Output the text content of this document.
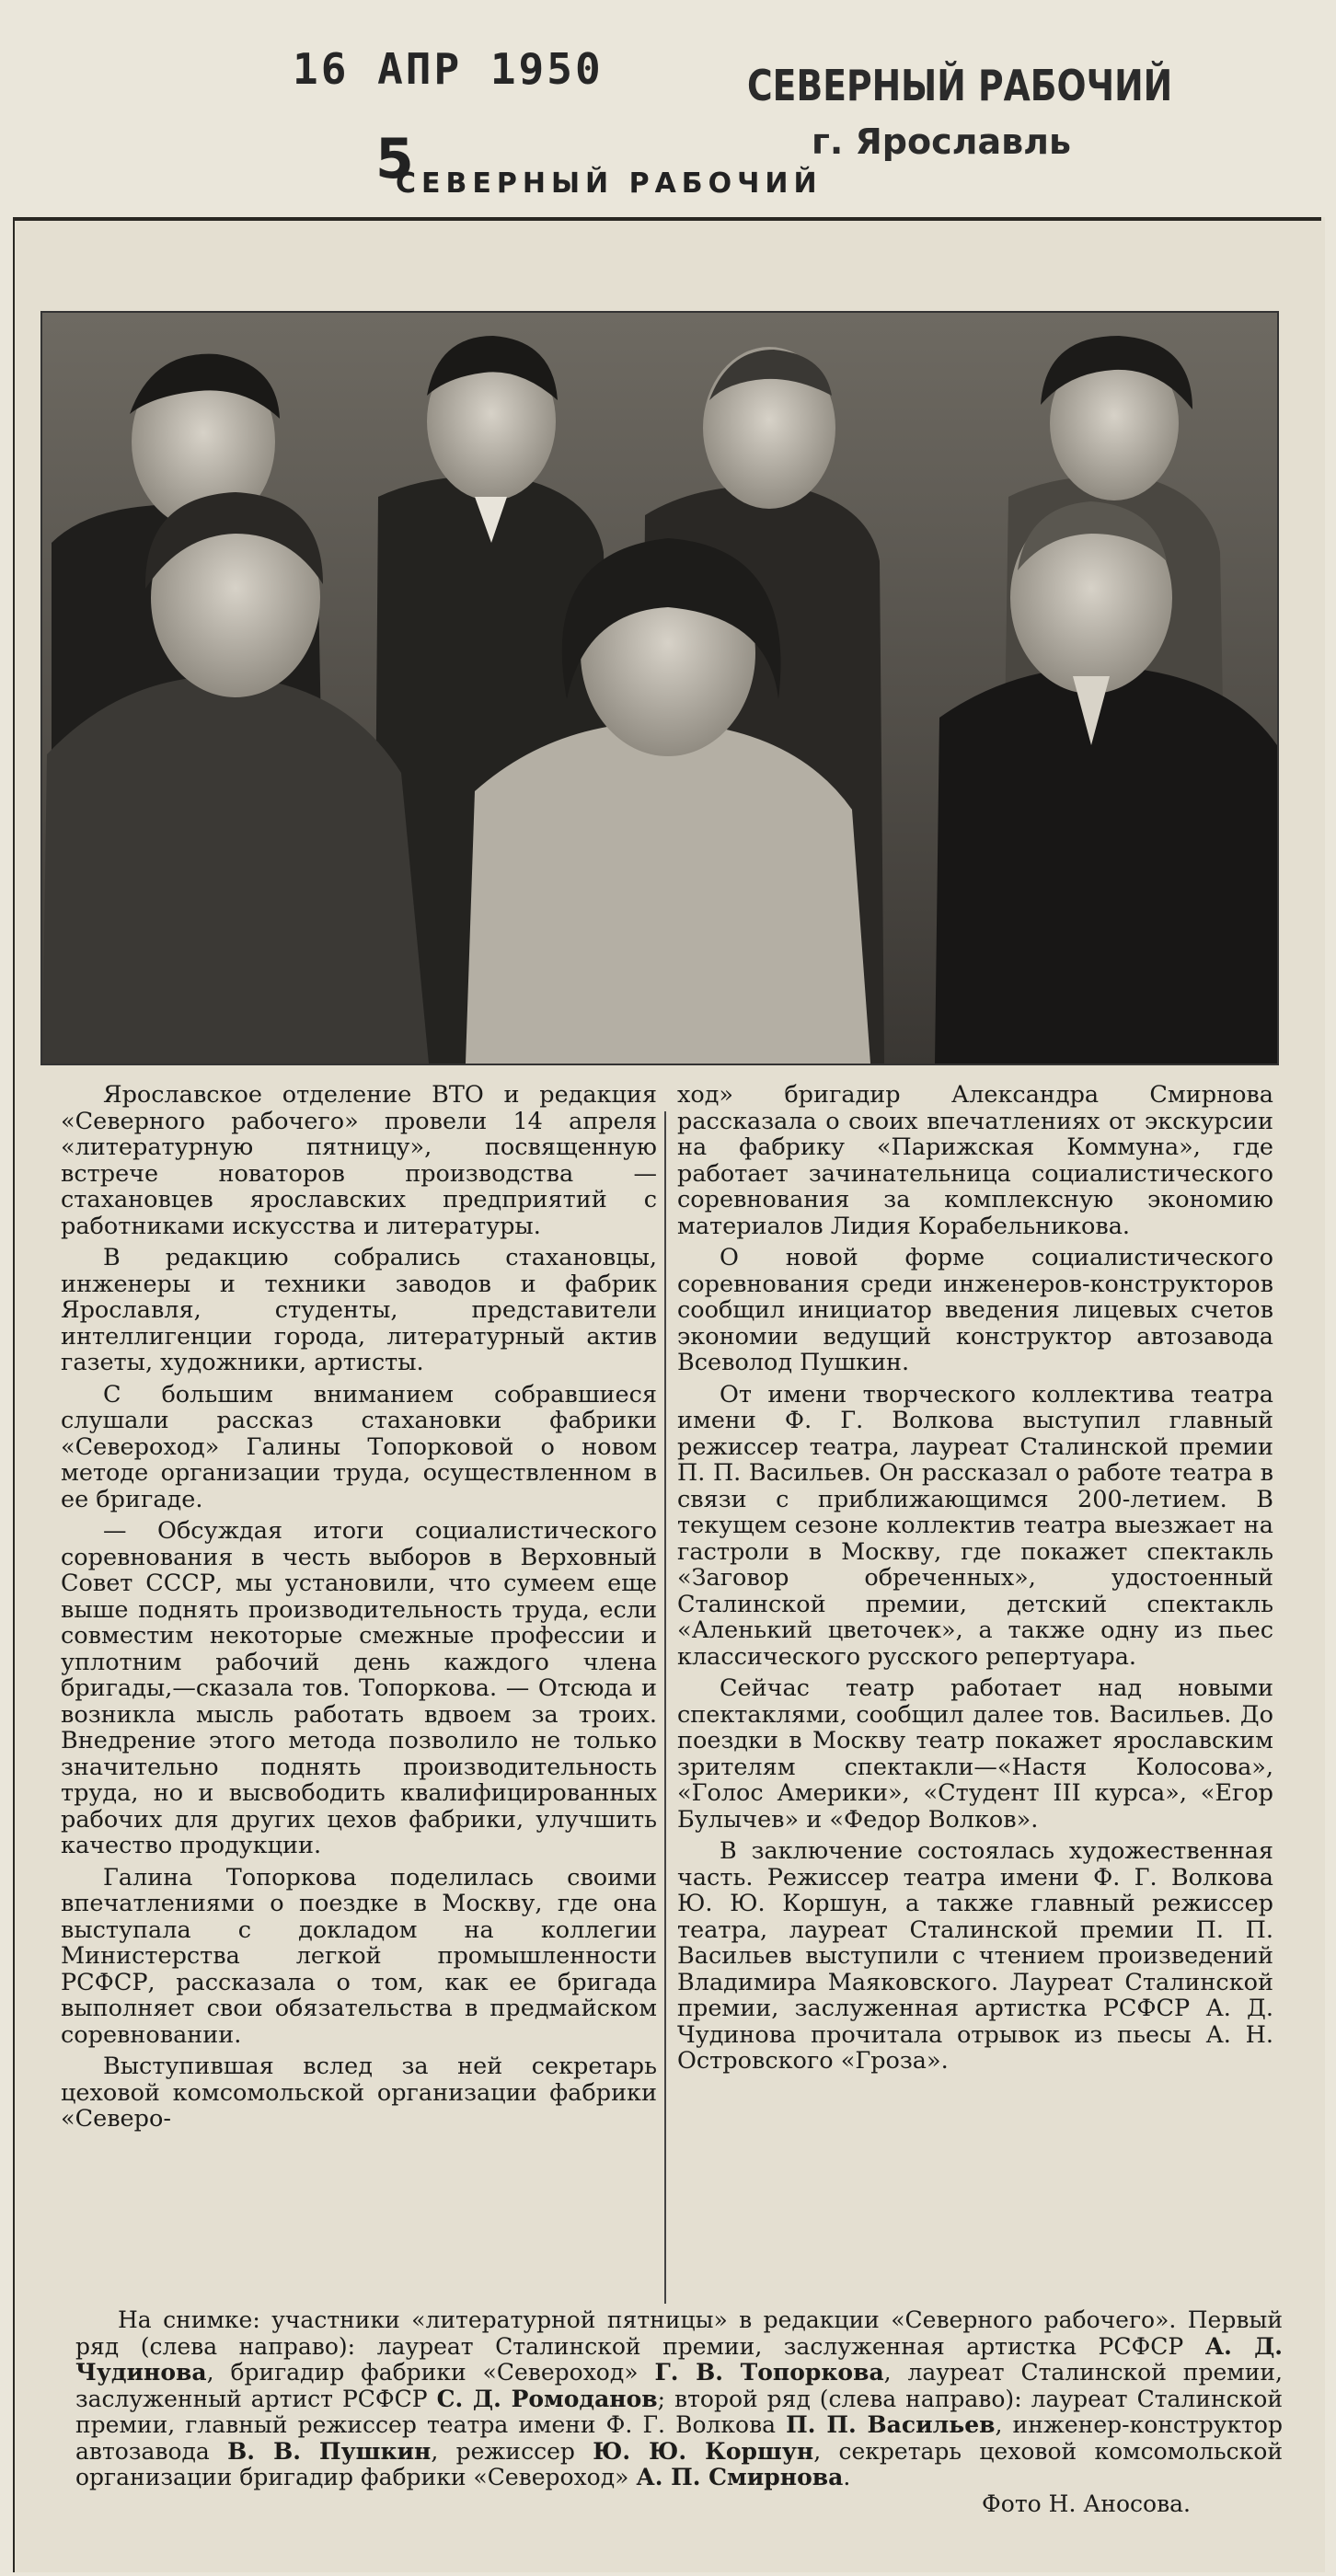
16 АПР 1950	СЕВЕРНЫЙ РАБОЧИЙ
г. Ярославль
5
СЕВЕРНЫЙ РАБОЧИЙ

Ярославское отделение ВТО и редакция «Северного рабочего» провели 14 апреля «литературную пятницу», посвященную встрече новаторов производства — стахановцев ярославских предприятий с работниками искусства и литературы.

В редакцию собрались стахановцы, инженеры и техники заводов и фабрик Ярославля, студенты, представители интеллигенции города, литературный актив газеты, художники, артисты.

С большим вниманием собравшиеся слушали рассказ стахановки фабрики «Североход» Галины Топорковой о новом методе организации труда, осуществленном в ее бригаде.

— Обсуждая итоги социалистического соревнования в честь выборов в Верховный Совет СССР, мы установили, что сумеем еще выше поднять производительность труда, если совместим некоторые смежные профессии и уплотним рабочий день каждого члена бригады,—сказала тов. Топоркова. — Отсюда и возникла мысль работать вдвоем за троих. Внедрение этого метода позволило не только значительно поднять производительность труда, но и высвободить квалифицированных рабочих для других цехов фабрики, улучшить качество продукции.

Галина Топоркова поделилась своими впечатлениями о поездке в Москву, где она выступала с докладом на коллегии Министерства легкой промышленности РСФСР, рассказала о том, как ее бригада выполняет свои обязательства в предмайском соревновании.

Выступившая вслед за ней секретарь цеховой комсомольской организации фабрики «Северо-

ход» бригадир Александра Смирнова рассказала о своих впечатлениях от экскурсии на фабрику «Парижская Коммуна», где работает зачинательница социалистического соревнования за комплексную экономию материалов Лидия Корабельникова.

О новой форме социалистического соревнования среди инженеров-конструкторов сообщил инициатор введения лицевых счетов экономии ведущий конструктор автозавода Всеволод Пушкин.

От имени творческого коллектива театра имени Ф. Г. Волкова выступил главный режиссер театра, лауреат Сталинской премии П. П. Васильев. Он рассказал о работе театра в связи с приближающимся 200-летием. В текущем сезоне коллектив театра выезжает на гастроли в Москву, где покажет спектакль «Заговор обреченных», удостоенный Сталинской премии, детский спектакль «Аленький цветочек», а также одну из пьес классического русского репертуара.

Сейчас театр работает над новыми спектаклями, сообщил далее тов. Васильев. До поездки в Москву театр покажет ярославским зрителям спектакли—«Настя Колосова», «Голос Америки», «Студент III курса», «Егор Булычев» и «Федор Волков».

В заключение состоялась художественная часть. Режиссер театра имени Ф. Г. Волкова Ю. Ю. Коршун, а также главный режиссер театра, лауреат Сталинской премии П. П. Васильев выступили с чтением произведений Владимира Маяковского. Лауреат Сталинской премии, заслуженная артистка РСФСР А. Д. Чудинова прочитала отрывок из пьесы А. Н. Островского «Гроза».

На снимке: участники «литературной пятницы» в редакции «Северного рабочего». Первый ряд (слева направо): лауреат Сталинской премии, заслуженная артистка РСФСР А. Д. Чудинова, бригадир фабрики «Североход» Г. В. Топоркова, лауреат Сталинской премии, заслуженный артист РСФСР С. Д. Ромоданов; второй ряд (слева направо): лауреат Сталинской премии, главный режиссер театра имени Ф. Г. Волкова П. П. Васильев, инженер-конструктор автозавода В. В. Пушкин, режиссер Ю. Ю. Коршун, секретарь цеховой комсомольской организации бригадир фабрики «Североход» А. П. Смирнова.
Фото Н. Аносова.
